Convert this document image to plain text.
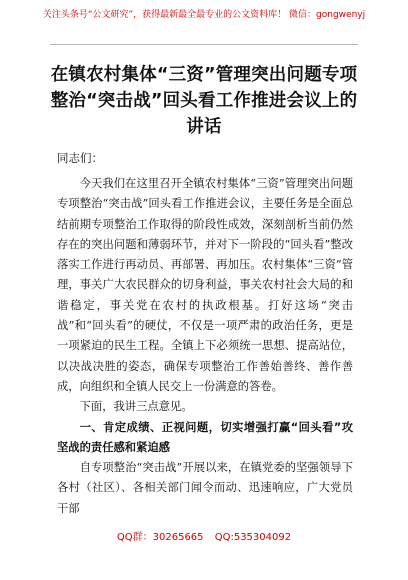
关注头条号“公文研究”，获得最新最全最专业的公文资料库！ 微信：gongwenyj
在镇农村集体“三资”管理突出问题专项整治“突击战”回头看工作推进会议上的讲话
同志们：

今天我们在这里召开全镇农村集体“三资”管理突出问题专项整治“突击战”回头看工作推进会议，主要任务是全面总结前期专项整治工作取得的阶段性成效，深刻剖析当前仍然存在的突出问题和薄弱环节，并对下一阶段的“回头看”整改落实工作进行再动员、再部署、再加压。农村集体“三资”管理，事关广大农民群众的切身利益，事关农村社会大局的和谐稳定，事关党在农村的执政根基。打好这场“突击战”和“回头看”的硬仗，不仅是一项严肃的政治任务，更是一项紧迫的民生工程。全镇上下必须统一思想、提高站位，以决战决胜的姿态，确保专项整治工作善始善终、善作善成，向组织和全镇人民交上一份满意的答卷。

下面，我讲三点意见。

一、肯定成绩、正视问题，切实增强打赢“回头看”攻坚战的责任感和紧迫感

自专项整治“突击战”开展以来，在镇党委的坚强领导下各村（社区）、各相关部门闻令而动、迅速响应，广大党员干部

QQ群：30265665 QQ:535304092
